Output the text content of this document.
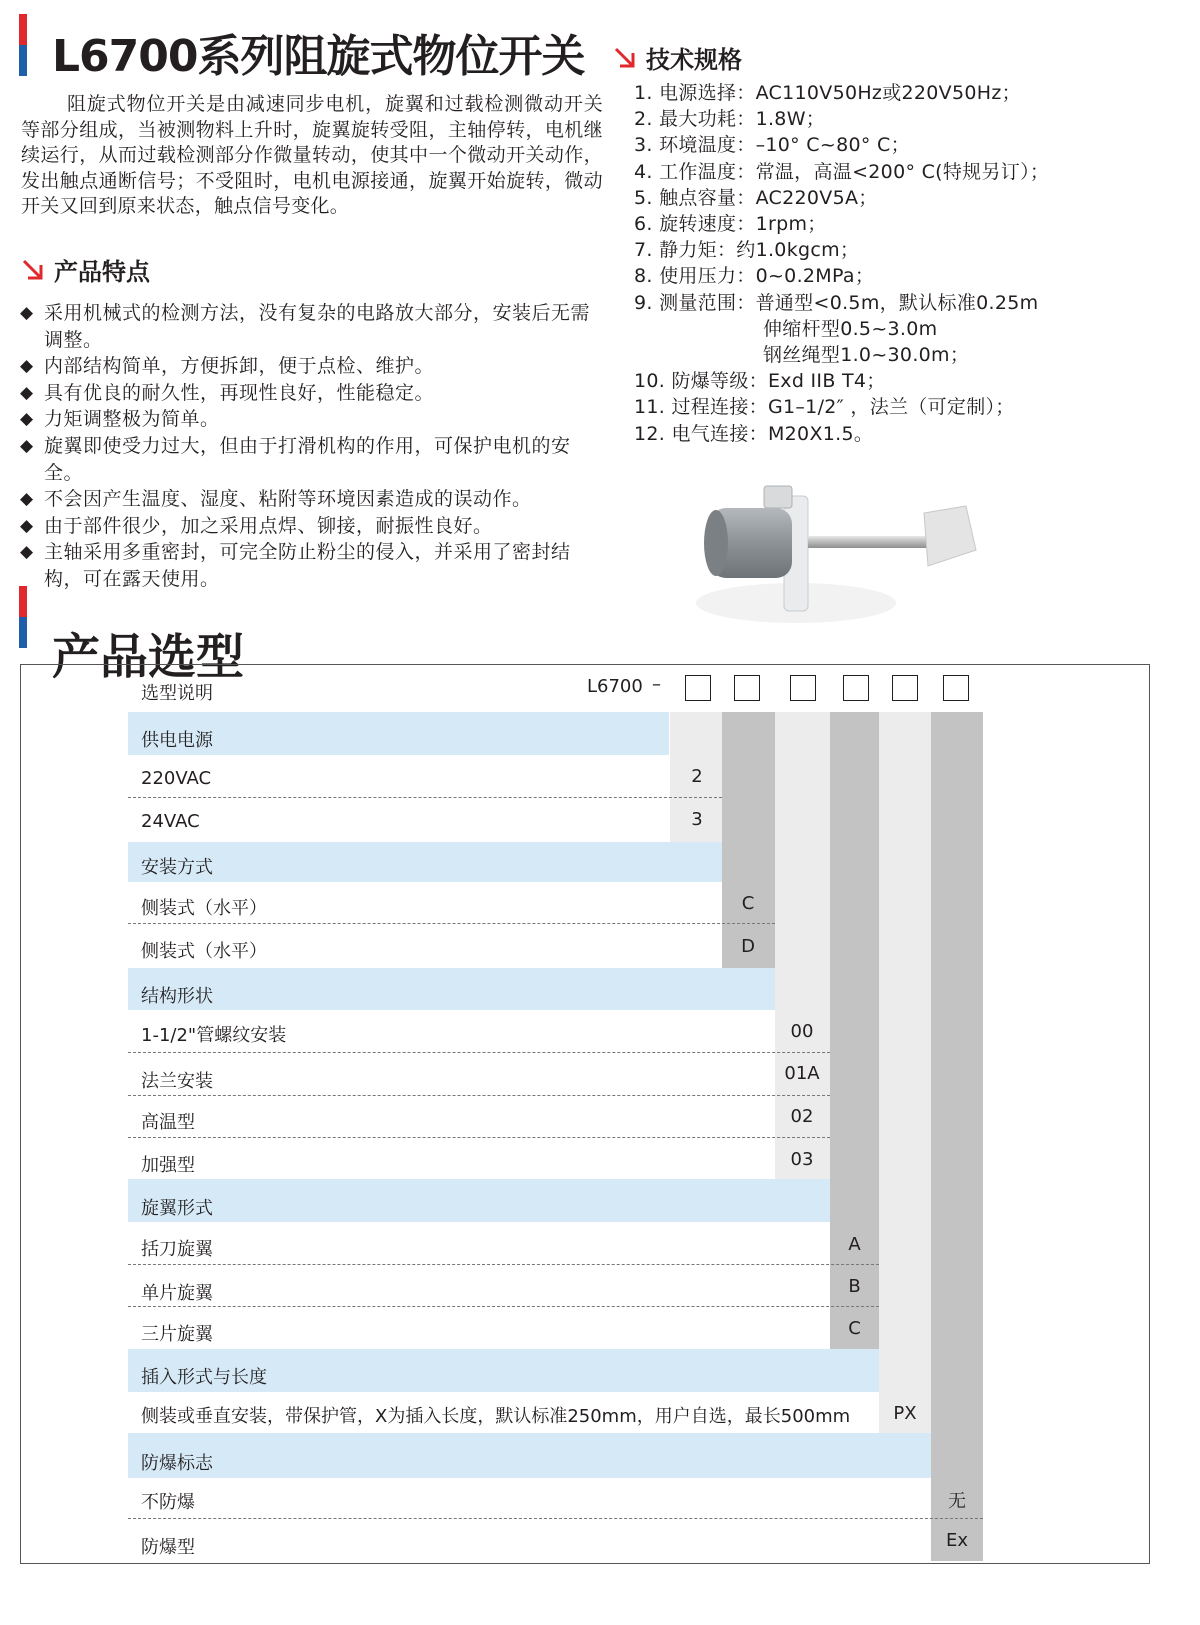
L6700系列阻旋式物位开关

阻旋式物位开关是由减速同步电机，旋翼和过载检测微动开关等部分组成，当被测物料上升时，旋翼旋转受阻，主轴停转，电机继续运行，从而过载检测部分作微量转动，使其中一个微动开关动作，发出触点通断信号；不受阻时，电机电源接通，旋翼开始旋转，微动开关又回到原来状态，触点信号变化。

产品特点
◆ 采用机械式的检测方法，没有复杂的电路放大部分，安装后无需调整。
◆ 内部结构简单，方便拆卸，便于点检、维护。
◆ 具有优良的耐久性，再现性良好，性能稳定。
◆ 力矩调整极为简单。
◆ 旋翼即使受力过大，但由于打滑机构的作用，可保护电机的安全。
◆ 不会因产生温度、湿度、粘附等环境因素造成的误动作。
◆ 由于部件很少，加之采用点焊、铆接，耐振性良好。
◆ 主轴采用多重密封，可完全防止粉尘的侵入，并采用了密封结构，可在露天使用。
技术规格
1. 电源选择：AC110V50Hz或220V50Hz；
2. 最大功耗：1.8W；
3. 环境温度：–10° C~80° C；
4. 工作温度：常温，高温<200° C(特规另订）；
5. 触点容量：AC220V5A；
6. 旋转速度：1rpm；
7. 静力矩：约1.0kgcm；
8. 使用压力：0~0.2MPa；
9. 测量范围：普通型<0.5m，默认标准0.25m
伸缩杆型0.5~3.0m
钢丝绳型1.0~30.0m；
10. 防爆等级：Exd IIB T4；
11. 过程连接：G1–1/2″ ，法兰（可定制）；
12. 电气连接：M20X1.5。
产品选型
选型说明	L6700 –
供电电源
220VAC	2
24VAC	3
安装方式
侧装式（水平）	C
侧装式（水平）	D
结构形状
1-1/2"管螺纹安装	00
法兰安装	01A
高温型	02
加强型	03
旋翼形式
括刀旋翼	A
单片旋翼	B
三片旋翼	C
插入形式与长度
侧装或垂直安装，带保护管，X为插入长度，默认标准250mm，用户自选，最长500mm	PX
防爆标志
不防爆	无
防爆型	Ex
